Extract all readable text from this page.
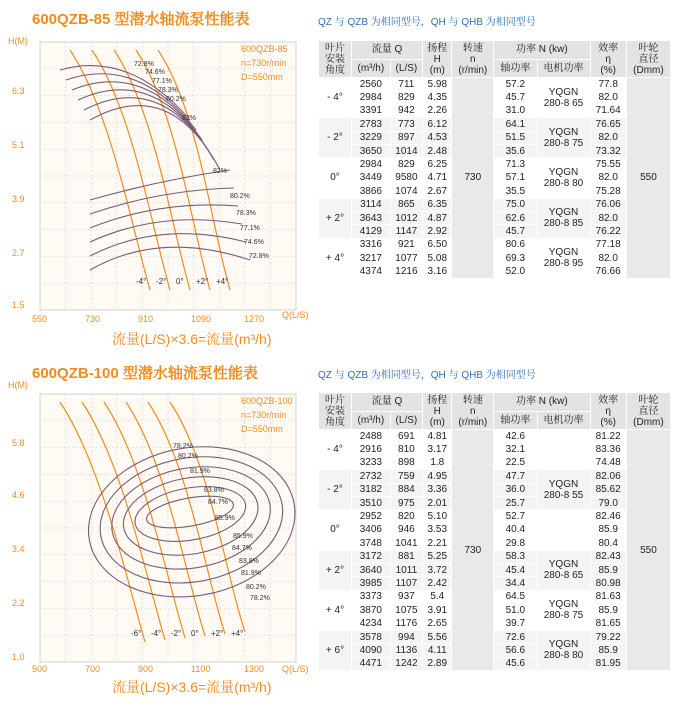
600QZB-85 型潜水轴流泵性能表	QZ 与 QZB 为相同型号，QH 与 QHB 为相同型号
-4° -2° 0° +2° +4°
72.8%
74.6%
77.1%
78.3%
80.2%
82%
82%
80.2%
78.3%
77.1%
74.6%
72.8%
H(M)
Q(L/S)
6.3
5.1
3.9
2.7
1.5
550	730	910	1090	1270
600QZB-85
n=730r/min
D=550mm
流量(L/S)×3.6=流量(m³/h)
叶片
安装
角度	流量 Q		扬程
H
(m)	转速
n
(r/min)	功率 N (kw)		效率
η
(%)	叶轮
直径
(Dmm)
	(m³/h)	(L/S)			轴功率	电机功率		
- 4°	2560	711	5.98	730	57.2	YQGN 280-8 65	77.8	550
	2984	829	4.35		45.7		82.0	
	3391	942	2.26		31.0		71.64	
- 2°	2783	773	6.12		64.1	YQGN 280-8 75	76.65	
	3229	897	4.53		51.5		82.0	
	3650	1014	2.48		35.6		73.32	
0°	2984	829	6.25		71.3	YQGN 280-8 80	75.55	
	3449	9580	4.71		57.1		82.0	
	3866	1074	2.67		35.5		75.28	
+ 2°	3114	865	6.35		75.0	YQGN 280-8 85	76.06	
	3643	1012	4.87		62.6		82.0	
	4129	1147	2.92		45.7		76.22	
+ 4°	3316	921	6.50		80.6	YQGN 280-8 95	77.18	
	3217	1077	5.08		69.3		82.0	
	4374	1216	3.16		52.0		76.66	
600QZB-100 型潜水轴流泵性能表	QZ 与 QZB 为相同型号，QH 与 QHB 为相同型号
-6° -4° -2° 0° +2° +4°
78.2%
80.2%
81.9%
83.8%
84.7%
85.9%
85.9%
84.7%
83.8%
81.9%
80.2%
78.2%
H(M)
Q(L/S)
5.8
4.6
3.4
2.2
1.0
500	700	900	1100	1300
600QZB-100
n=730r/min
D=550mm
流量(L/S)×3.6=流量(m³/h)
叶片
安装
角度	流量 Q		扬程
H
(m)	转速
n
(r/min)	功率 N (kw)		效率
η
(%)	叶轮
直径
(Dmm)
	(m³/h)	(L/S)			轴功率	电机功率		
- 4°	2488	691	4.81	730	42.6		81.22	550
	2916	810	3.17		32.1		83.36	
	3233	898	1.8		22.5		74.48	
- 2°	2732	759	4.95		47.7	YQGN 280-8 55	82.06	
	3182	884	3.36		36.0		85.62	
	3510	975	2.01		25.7		79.0	
0°	2952	820	5.10		52.7		82.46	
	3406	946	3.53		40.4		85.9	
	3748	1041	2.21		29.8		80.4	
+ 2°	3172	881	5.25		58.3	YQGN 280-8 65	82.43	
	3640	1011	3.72		45.4		85.9	
	3985	1107	2.42		34.4		80.98	
+ 4°	3373	937	5.4		64.5	YQGN 280-8 75	81.63	
	3870	1075	3.91		51.0		85.9	
	4234	1176	2.65		39.7		81.65	
+ 6°	3578	994	5.56		72.6	YQGN 280-8 80	79.22	
	4090	1136	4.11		56.6		85.9	
	4471	1242	2.89		45.6		81.95	
